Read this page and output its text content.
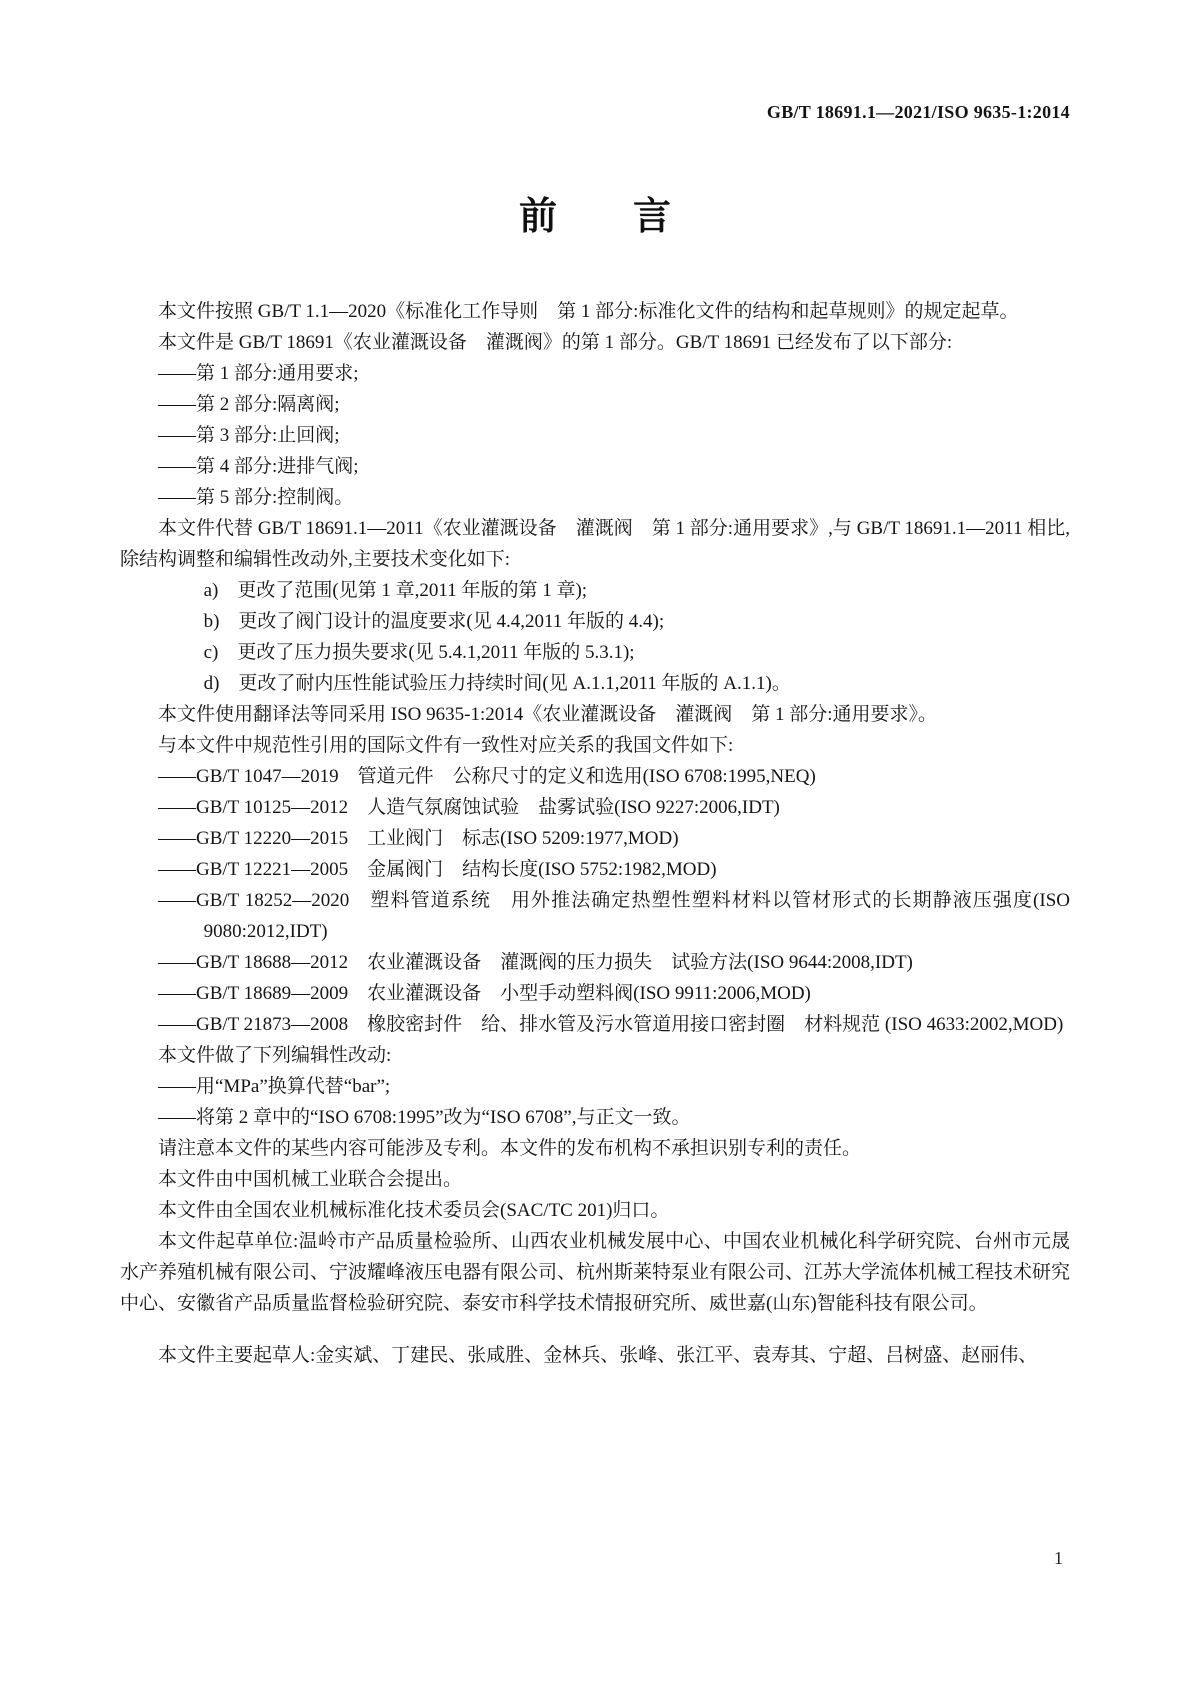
GB/T 18691.1—2021/ISO 9635-1:2014
前　　言
本文件按照 GB/T 1.1—2020《标准化工作导则　第 1 部分:标准化文件的结构和起草规则》的规定起草。
本文件是 GB/T 18691《农业灌溉设备　灌溉阀》的第 1 部分。GB/T 18691 已经发布了以下部分:
——第 1 部分:通用要求;
——第 2 部分:隔离阀;
——第 3 部分:止回阀;
——第 4 部分:进排气阀;
——第 5 部分:控制阀。
本文件代替 GB/T 18691.1—2011《农业灌溉设备　灌溉阀　第 1 部分:通用要求》,与 GB/T 18691.1—2011 相比,除结构调整和编辑性改动外,主要技术变化如下:
a)　更改了范围(见第 1 章,2011 年版的第 1 章);
b)　更改了阀门设计的温度要求(见 4.4,2011 年版的 4.4);
c)　更改了压力损失要求(见 5.4.1,2011 年版的 5.3.1);
d)　更改了耐内压性能试验压力持续时间(见 A.1.1,2011 年版的 A.1.1)。
本文件使用翻译法等同采用 ISO 9635-1:2014《农业灌溉设备　灌溉阀　第 1 部分:通用要求》。
与本文件中规范性引用的国际文件有一致性对应关系的我国文件如下:
——GB/T 1047—2019　管道元件　公称尺寸的定义和选用(ISO 6708:1995,NEQ)
——GB/T 10125—2012　人造气氛腐蚀试验　盐雾试验(ISO 9227:2006,IDT)
——GB/T 12220—2015　工业阀门　标志(ISO 5209:1977,MOD)
——GB/T 12221—2005　金属阀门　结构长度(ISO 5752:1982,MOD)
——GB/T 18252—2020　塑料管道系统　用外推法确定热塑性塑料材料以管材形式的长期静液压强度(ISO 9080:2012,IDT)
——GB/T 18688—2012　农业灌溉设备　灌溉阀的压力损失　试验方法(ISO 9644:2008,IDT)
——GB/T 18689—2009　农业灌溉设备　小型手动塑料阀(ISO 9911:2006,MOD)
——GB/T 21873—2008　橡胶密封件　给、排水管及污水管道用接口密封圈　材料规范 (ISO 4633:2002,MOD)
本文件做了下列编辑性改动:
——用“MPa”换算代替“bar”;
——将第 2 章中的“ISO 6708:1995”改为“ISO 6708”,与正文一致。
请注意本文件的某些内容可能涉及专利。本文件的发布机构不承担识别专利的责任。
本文件由中国机械工业联合会提出。
本文件由全国农业机械标准化技术委员会(SAC/TC 201)归口。
本文件起草单位:温岭市产品质量检验所、山西农业机械发展中心、中国农业机械化科学研究院、台州市元晟水产养殖机械有限公司、宁波耀峰液压电器有限公司、杭州斯莱特泵业有限公司、江苏大学流体机械工程技术研究中心、安徽省产品质量监督检验研究院、泰安市科学技术情报研究所、威世嘉(山东)智能科技有限公司。
本文件主要起草人:金实斌、丁建民、张咸胜、金林兵、张峰、张江平、袁寿其、宁超、吕树盛、赵丽伟、
1
